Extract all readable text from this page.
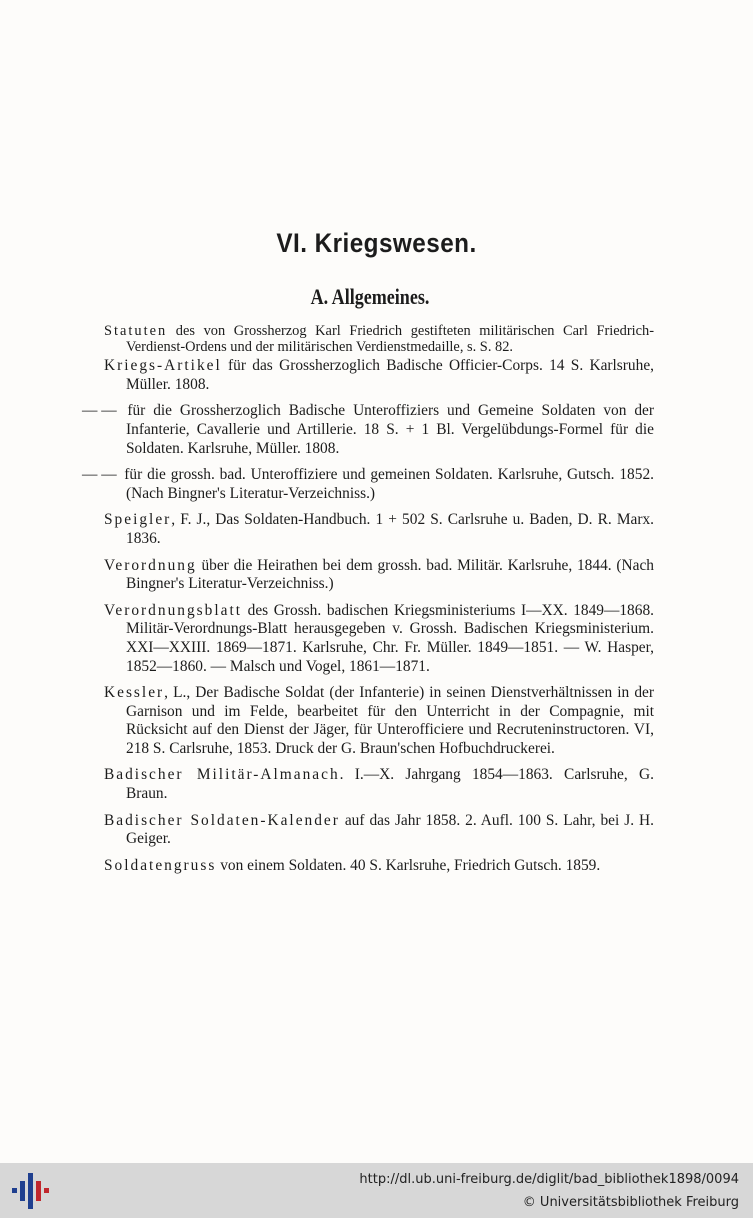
VI. Kriegswesen.
A. Allgemeines.
Statuten des von Grossherzog Karl Friedrich gestifteten militärischen Carl Friedrich-Verdienst-Ordens und der militärischen Verdienstmedaille, s. S. 82.
Kriegs-Artikel für das Grossherzoglich Badische Officier-Corps. 14 S. Karlsruhe, Müller. 1808.
— — für die Grossherzoglich Badische Unteroffiziers und Gemeine Soldaten von der Infanterie, Cavallerie und Artillerie. 18 S. + 1 Bl. Vergelübdungs-Formel für die Soldaten. Karlsruhe, Müller. 1808.
— — für die grossh. bad. Unteroffiziere und gemeinen Soldaten. Karlsruhe, Gutsch. 1852. (Nach Bingner's Literatur-Verzeichniss.)
Speigler, F. J., Das Soldaten-Handbuch. 1 + 502 S. Carlsruhe u. Baden, D. R. Marx. 1836.
Verordnung über die Heirathen bei dem grossh. bad. Militär. Karlsruhe, 1844. (Nach Bingner's Literatur-Verzeichniss.)
Verordnungsblatt des Grossh. badischen Kriegsministeriums I—XX. 1849—1868. Militär-Verordnungs-Blatt herausgegeben v. Grossh. Badischen Kriegsministerium. XXI—XXIII. 1869—1871. Karlsruhe, Chr. Fr. Müller. 1849—1851. — W. Hasper, 1852—1860. — Malsch und Vogel, 1861—1871.
Kessler, L., Der Badische Soldat (der Infanterie) in seinen Dienstverhältnissen in der Garnison und im Felde, bearbeitet für den Unterricht in der Compagnie, mit Rücksicht auf den Dienst der Jäger, für Unterofficiere und Recruteninstructoren. VI, 218 S. Carlsruhe, 1853. Druck der G. Braun'schen Hofbuchdruckerei.
Badischer Militär-Almanach. I.—X. Jahrgang 1854—1863. Carlsruhe, G. Braun.
Badischer Soldaten-Kalender auf das Jahr 1858. 2. Aufl. 100 S. Lahr, bei J. H. Geiger.
Soldatengruss von einem Soldaten. 40 S. Karlsruhe, Friedrich Gutsch. 1859.
http://dl.ub.uni-freiburg.de/diglit/bad_bibliothek1898/0094
© Universitätsbibliothek Freiburg
